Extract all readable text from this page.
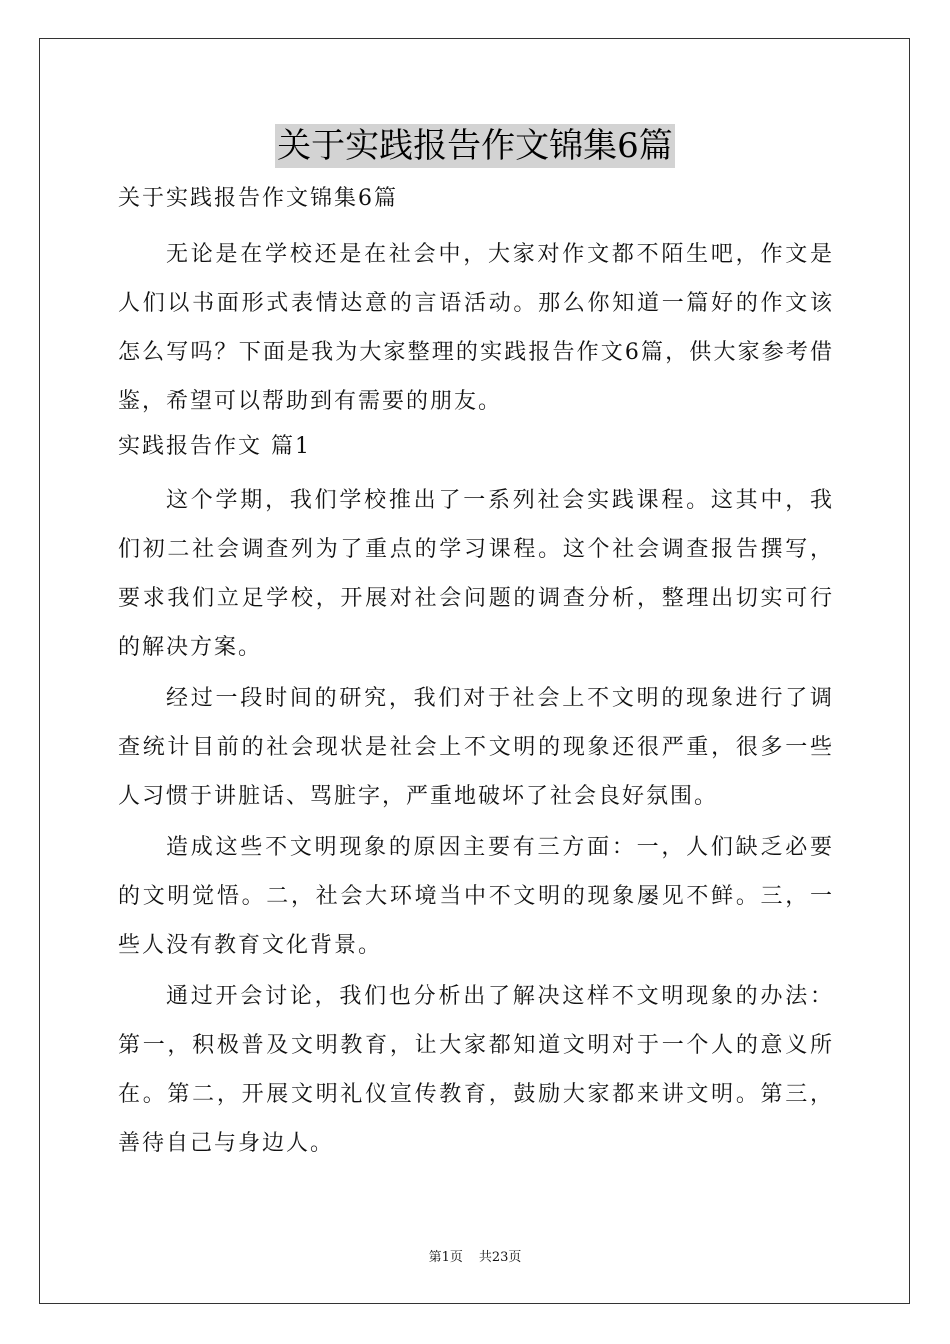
关于实践报告作文锦集6篇
关于实践报告作文锦集6篇
无论是在学校还是在社会中，大家对作文都不陌生吧，作文是人们以书面形式表情达意的言语活动。那么你知道一篇好的作文该怎么写吗？下面是我为大家整理的实践报告作文6篇，供大家参考借鉴，希望可以帮助到有需要的朋友。
实践报告作文 篇1
这个学期，我们学校推出了一系列社会实践课程。这其中，我们初二社会调查列为了重点的学习课程。这个社会调查报告撰写，要求我们立足学校，开展对社会问题的调查分析，整理出切实可行的解决方案。
经过一段时间的研究，我们对于社会上不文明的现象进行了调查统计目前的社会现状是社会上不文明的现象还很严重，很多一些人习惯于讲脏话、骂脏字，严重地破坏了社会良好氛围。
造成这些不文明现象的原因主要有三方面：一，人们缺乏必要的文明觉悟。二，社会大环境当中不文明的现象屡见不鲜。三，一些人没有教育文化背景。
通过开会讨论，我们也分析出了解决这样不文明现象的办法：第一，积极普及文明教育，让大家都知道文明对于一个人的意义所在。第二，开展文明礼仪宣传教育，鼓励大家都来讲文明。第三，善待自己与身边人。
第1页 共23页
